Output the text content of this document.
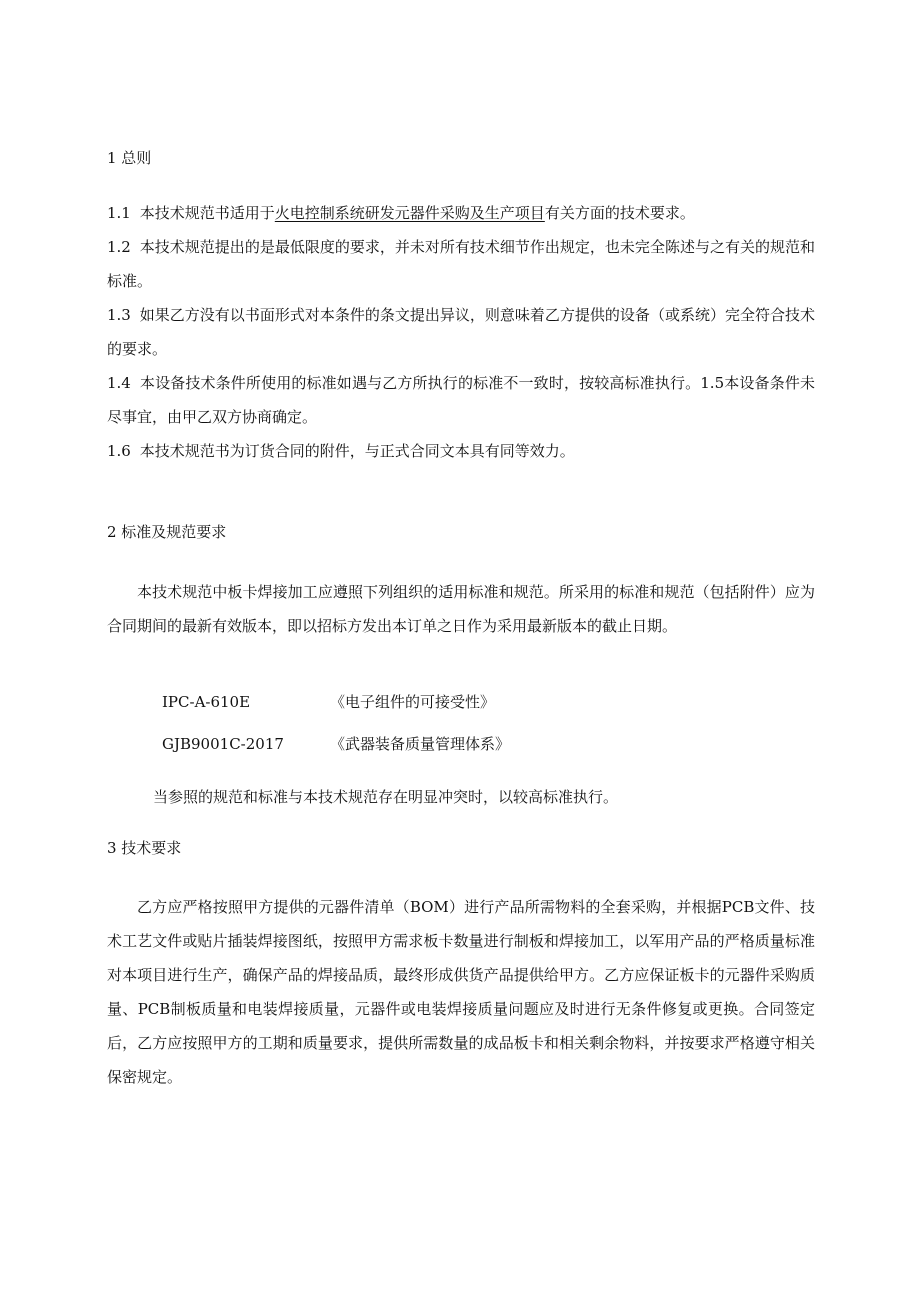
1 总则

1.1 本技术规范书适用于火电控制系统研发元器件采购及生产项目有关方面的技术要求。

1.2 本技术规范提出的是最低限度的要求，并未对所有技术细节作出规定，也未完全陈述与之有关的规范和标准。

1.3 如果乙方没有以书面形式对本条件的条文提出异议，则意味着乙方提供的设备（或系统）完全符合技术的要求。

1.4 本设备技术条件所使用的标准如遇与乙方所执行的标准不一致时，按较高标准执行。1.5本设备条件未尽事宜，由甲乙双方协商确定。

1.6 本技术规范书为订货合同的附件，与正式合同文本具有同等效力。

2 标准及规范要求

本技术规范中板卡焊接加工应遵照下列组织的适用标准和规范。所采用的标准和规范（包括附件）应为合同期间的最新有效版本，即以招标方发出本订单之日作为采用最新版本的截止日期。

IPC-A-610E	《电子组件的可接受性》
GJB9001C-2017	《武器装备质量管理体系》

当参照的规范和标准与本技术规范存在明显冲突时，以较高标准执行。

3 技术要求

乙方应严格按照甲方提供的元器件清单（BOM）进行产品所需物料的全套采购，并根据PCB文件、技术工艺文件或贴片插装焊接图纸，按照甲方需求板卡数量进行制板和焊接加工，以军用产品的严格质量标准对本项目进行生产，确保产品的焊接品质，最终形成供货产品提供给甲方。乙方应保证板卡的元器件采购质量、PCB制板质量和电装焊接质量，元器件或电装焊接质量问题应及时进行无条件修复或更换。合同签定后，乙方应按照甲方的工期和质量要求，提供所需数量的成品板卡和相关剩余物料，并按要求严格遵守相关保密规定。
